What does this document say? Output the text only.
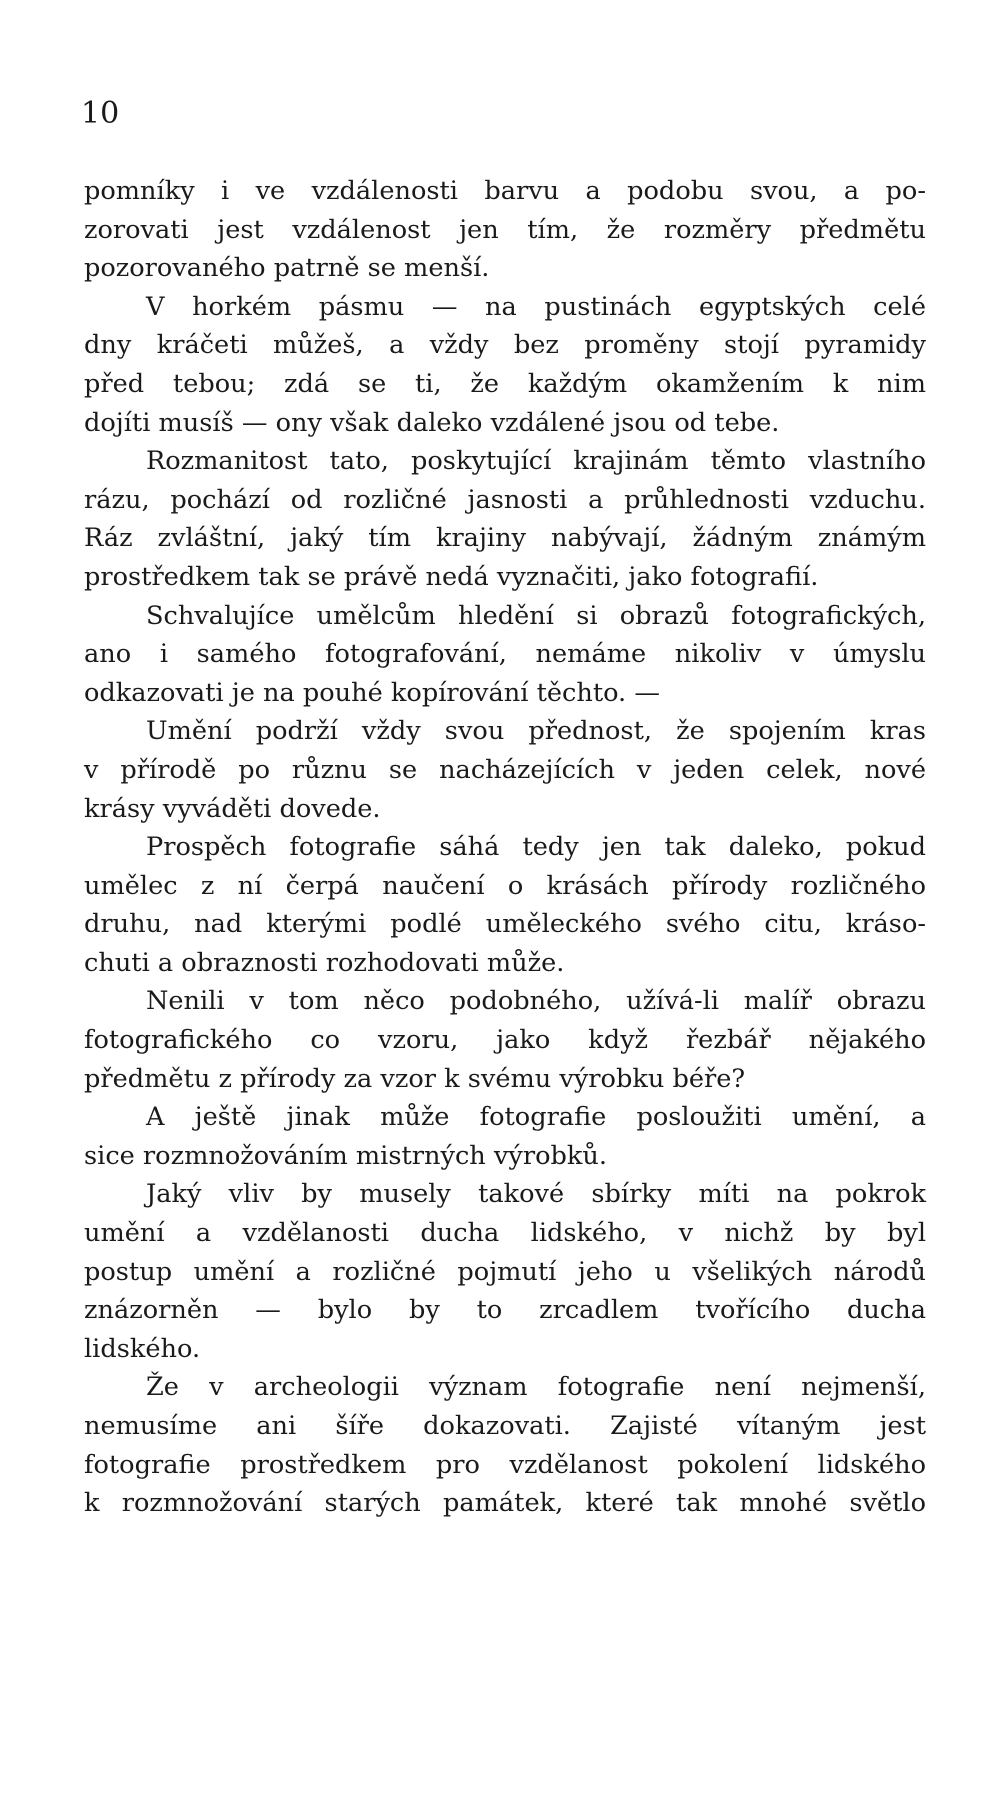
10
pomníky i ve vzdálenosti barvu a podobu svou, a po-
zorovati jest vzdálenost jen tím, že rozměry předmětu
pozorovaného patrně se menší.
V horkém pásmu — na pustinách egyptských celé
dny kráčeti můžeš, a vždy bez proměny stojí pyramidy
před tebou; zdá se ti, že každým okamžením k nim
dojíti musíš — ony však daleko vzdálené jsou od tebe.
Rozmanitost tato, poskytující krajinám těmto vlastního
rázu, pochází od rozličné jasnosti a průhlednosti vzduchu.
Ráz zvláštní, jaký tím krajiny nabývají, žádným známým
prostředkem tak se právě nedá vyznačiti, jako fotografií.
Schvalujíce umělcům hledění si obrazů fotografických,
ano i samého fotografování, nemáme nikoliv v úmyslu
odkazovati je na pouhé kopírování těchto. —
Umění podrží vždy svou přednost, že spojením kras
v přírodě po různu se nacházejících v jeden celek, nové
krásy vyváděti dovede.
Prospěch fotografie sáhá tedy jen tak daleko, pokud
umělec z ní čerpá naučení o krásách přírody rozličného
druhu, nad kterými podlé uměleckého svého citu, kráso-
chuti a obraznosti rozhodovati může.
Nenili v tom něco podobného, užívá-li malíř obrazu
fotografického co vzoru, jako když řezbář nějakého
předmětu z přírody za vzor k svému výrobku béře?
A ještě jinak může fotografie posloužiti umění, a
sice rozmnožováním mistrných výrobků.
Jaký vliv by musely takové sbírky míti na pokrok
umění a vzdělanosti ducha lidského, v nichž by byl
postup umění a rozličné pojmutí jeho u všelikých národů
znázorněn — bylo by to zrcadlem tvořícího ducha
lidského.
Že v archeologii význam fotografie není nejmenší,
nemusíme ani šíře dokazovati. Zajisté vítaným jest
fotografie prostředkem pro vzdělanost pokolení lidského
k rozmnožování starých památek, které tak mnohé světlo
